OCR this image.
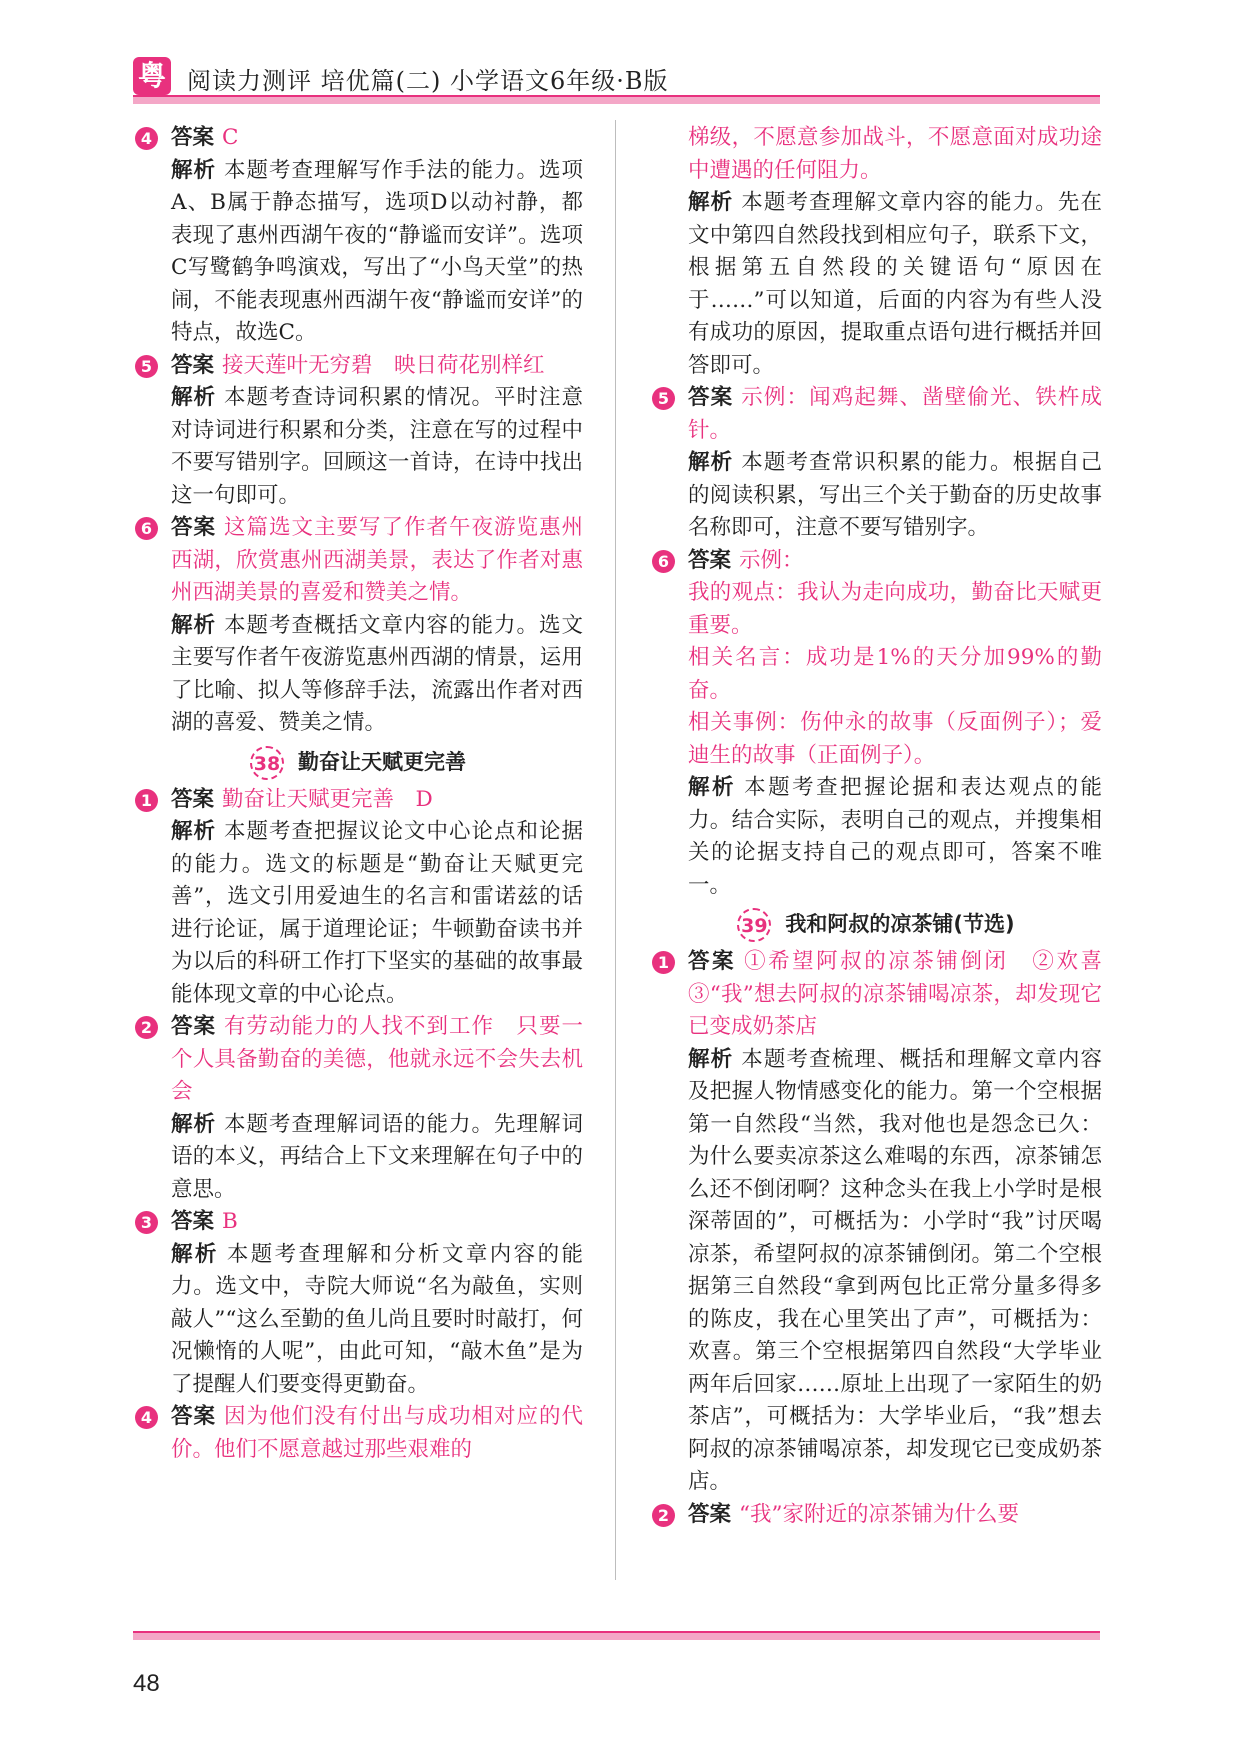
粤 阅读力测评 培优篇(二) 小学语文6年级·B版
4 答案 C

解析 本题考查理解写作手法的能力。选项A、B属于静态描写，选项D以动衬静，都表现了惠州西湖午夜的“静谧而安详”。选项C写鹭鹤争鸣演戏，写出了“小鸟天堂”的热闹，不能表现惠州西湖午夜“静谧而安详”的特点，故选C。

5 答案 接天莲叶无穷碧　映日荷花别样红

解析 本题考查诗词积累的情况。平时注意对诗词进行积累和分类，注意在写的过程中不要写错别字。回顾这一首诗，在诗中找出这一句即可。

6 答案 这篇选文主要写了作者午夜游览惠州西湖，欣赏惠州西湖美景，表达了作者对惠州西湖美景的喜爱和赞美之情。

解析 本题考查概括文章内容的能力。选文主要写作者午夜游览惠州西湖的情景，运用了比喻、拟人等修辞手法，流露出作者对西湖的喜爱、赞美之情。

38 勤奋让天赋更完善
1 答案 勤奋让天赋更完善　D

解析 本题考查把握议论文中心论点和论据的能力。选文的标题是“勤奋让天赋更完善”，选文引用爱迪生的名言和雷诺兹的话进行论证，属于道理论证；牛顿勤奋读书并为以后的科研工作打下坚实的基础的故事最能体现文章的中心论点。

2 答案 有劳动能力的人找不到工作　只要一个人具备勤奋的美德，他就永远不会失去机会

解析 本题考查理解词语的能力。先理解词语的本义，再结合上下文来理解在句子中的意思。

3 答案 B

解析 本题考查理解和分析文章内容的能力。选文中，寺院大师说“名为敲鱼，实则敲人”“这么至勤的鱼儿尚且要时时敲打，何况懒惰的人呢”，由此可知，“敲木鱼”是为了提醒人们要变得更勤奋。

4 答案 因为他们没有付出与成功相对应的代价。他们不愿意越过那些艰难的

梯级，不愿意参加战斗，不愿意面对成功途中遭遇的任何阻力。

解析 本题考查理解文章内容的能力。先在文中第四自然段找到相应句子，联系下文，根据第五自然段的关键语句“原因在于……”可以知道，后面的内容为有些人没有成功的原因，提取重点语句进行概括并回答即可。

5 答案 示例：闻鸡起舞、凿壁偷光、铁杵成针。

解析 本题考查常识积累的能力。根据自己的阅读积累，写出三个关于勤奋的历史故事名称即可，注意不要写错别字。

6 答案 示例：

我的观点：我认为走向成功，勤奋比天赋更重要。

相关名言：成功是1%的天分加99%的勤奋。

相关事例：伤仲永的故事（反面例子）；爱迪生的故事（正面例子）。

解析 本题考查把握论据和表达观点的能力。结合实际，表明自己的观点，并搜集相关的论据支持自己的观点即可，答案不唯一。

39 我和阿叔的凉茶铺(节选)
1 答案 ①希望阿叔的凉茶铺倒闭　②欢喜　③“我”想去阿叔的凉茶铺喝凉茶，却发现它已变成奶茶店

解析 本题考查梳理、概括和理解文章内容及把握人物情感变化的能力。第一个空根据第一自然段“当然，我对他也是怨念已久：为什么要卖凉茶这么难喝的东西，凉茶铺怎么还不倒闭啊？这种念头在我上小学时是根深蒂固的”，可概括为：小学时“我”讨厌喝凉茶，希望阿叔的凉茶铺倒闭。第二个空根据第三自然段“拿到两包比正常分量多得多的陈皮，我在心里笑出了声”，可概括为：欢喜。第三个空根据第四自然段“大学毕业两年后回家……原址上出现了一家陌生的奶茶店”，可概括为：大学毕业后，“我”想去阿叔的凉茶铺喝凉茶，却发现它已变成奶茶店。

2 答案 “我”家附近的凉茶铺为什么要

48
